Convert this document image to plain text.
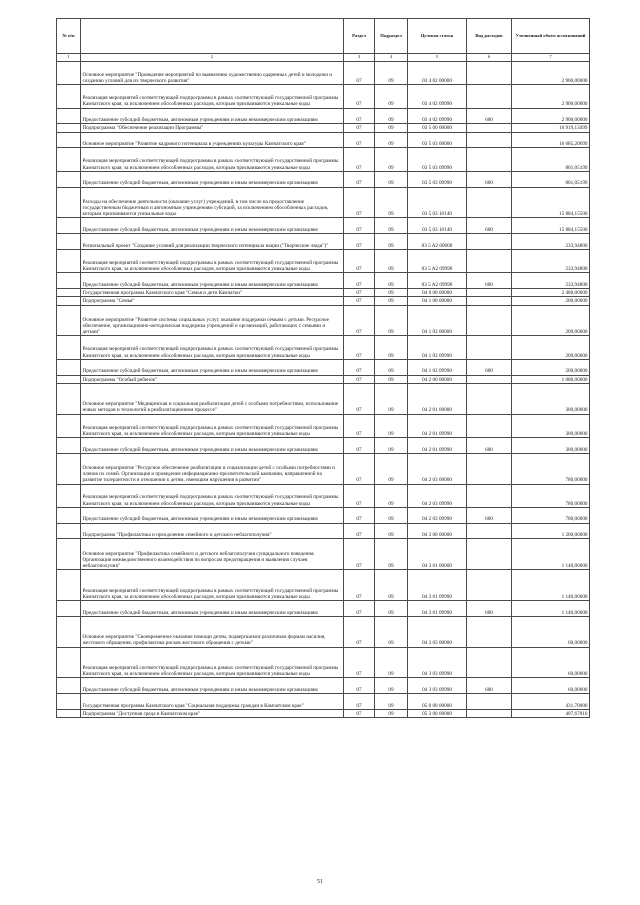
№ п/п		Раздел	Подраздел	Целевая статья	Вид расходов	Уточненный объем ассигнований
1	2	3	4	5	6	7
	Основное мероприятие "Проведение мероприятий по выявлению художественно одаренных детей и молодежи и созданию условий для их творческого развития"	07	09	03 4 02 00000		2 900,00000
	Реализация мероприятий соответствующей подпрограммы в рамках соответствующей государственной программы Камчатского края, за исключением обособленных расходов, которым присваиваются уникальные коды	07	09	03 4 02 09990		2 900,00000
	Предоставление субсидий бюджетным, автономным учреждениям и иным некоммерческим организациям	07	09	03 4 02 09990	600	2 900,00000
	Подпрограмма "Обеспечение реализации Программы"	07	09	03 5 00 00000		16 919,13499
	Основное мероприятие "Развитие кадрового потенциала в учреждениях культуры Камчатского края"	07	09	03 5 03 00000		16 685,20699
	Реализация мероприятий соответствующей подпрограммы в рамках соответствующей государственной программы Камчатского края, за исключением обособленных расходов, которым присваиваются уникальные коды	07	09	03 5 03 09990		801,05199
	Предоставление субсидий бюджетным, автономным учреждениям и иным некоммерческим организациям	07	09	03 5 03 09990	600	801,05199
	Расходы на обеспечение деятельности (оказание услуг) учреждений, в том числе на предоставление государственным бюджетным и автономным учреждениям субсидий, за исключением обособленных расходов, которым присваиваются уникальные коды	07	09	03 5 03 10140		15 884,15500
	Предоставление субсидий бюджетным, автономным учреждениям и иным некоммерческим организациям	07	09	03 5 03 10140	600	15 884,15500
	Региональный проект "Создание условий для реализации творческого потенциала нации ("Творческие люди")"	07	09	03 5 A2 00000		233,94800
	Реализация мероприятий соответствующей подпрограммы в рамках соответствующей государственной программы Камчатского края, за исключением обособленных расходов, которым присваиваются уникальные коды	07	09	03 5 A2 09990		233,94800
	Предоставление субсидий бюджетным, автономным учреждениям и иным некоммерческим организациям	07	09	03 5 A2 09990	600	233,94800
	Государственная программа Камчатского края "Семья и дети Камчатки"	07	09	04 0 00 00000		2 480,00000
	Подпрограмма "Семья"	07	09	04 1 00 00000		200,00000
	Основное мероприятие "Развитие системы социальных услуг, оказание поддержки семьям с детьми. Ресурсное обеспечение, организационно-методическая поддержка учреждений и организаций, работающих с семьями и детьми"	07	09	04 1 02 00000		200,00000
	Реализация мероприятий соответствующей подпрограммы в рамках соответствующей государственной программы Камчатского края, за исключением обособленных расходов, которым присваиваются уникальные коды	07	09	04 1 02 09990		200,00000
	Предоставление субсидий бюджетным, автономным учреждениям и иным некоммерческим организациям	07	09	04 1 02 09990	600	200,00000
	Подпрограмма "Особый ребенок"	07	09	04 2 00 00000		1 080,00000
	Основное мероприятие "Медицинская и социальная реабилитация детей с особыми потребностями, использование новых методов и технологий в реабилитационном процессе"	07	09	04 2 01 00000		300,00000
	Реализация мероприятий соответствующей подпрограммы в рамках соответствующей государственной программы Камчатского края, за исключением обособленных расходов, которым присваиваются уникальные коды	07	09	04 2 01 09990		300,00000
	Предоставление субсидий бюджетным, автономным учреждениям и иным некоммерческим организациям	07	09	04 2 01 09990	600	300,00000
	Основное мероприятие "Ресурсное обеспечение реабилитации и социализации детей с особыми потребностями и членов их семей. Организация и проведение информационно-просветительской кампании, направленной на развитие толерантности в отношении к детям, имеющим нарушения в развитии"	07	09	04 2 03 00000		780,00000
	Реализация мероприятий соответствующей подпрограммы в рамках соответствующей государственной программы Камчатского края, за исключением обособленных расходов, которым присваиваются уникальные коды	07	09	04 2 03 09990		780,00000
	Предоставление субсидий бюджетным, автономным учреждениям и иным некоммерческим организациям	07	09	04 2 03 09990	600	780,00000
	Подпрограмма "Профилактика и преодоление семейного и детского неблагополучия"	07	09	04 3 00 00000		1 200,00000
	Основное мероприятие "Профилактика семейного и детского неблагополучия суицидального поведения. Организация межведомственного взаимодействия по вопросам предотвращения и выявления случаев неблагополучия"	07	09	04 3 01 00000		1 140,00000
	Реализация мероприятий соответствующей подпрограммы в рамках соответствующей государственной программы Камчатского края, за исключением обособленных расходов, которым присваиваются уникальные коды	07	09	04 3 01 09990		1 140,00000
	Предоставление субсидий бюджетным, автономным учреждениям и иным некоммерческим организациям	07	09	04 3 01 09990	600	1 140,00000
	Основное мероприятие "Своевременное оказание помощи детям, подвергшимся различным формам насилия, жестокого обращения, профилактика рисков жестокого обращения с детьми"	07	09	04 3 03 00000		60,00000
	Реализация мероприятий соответствующей подпрограммы в рамках соответствующей государственной программы Камчатского края, за исключением обособленных расходов, которым присваиваются уникальные коды	07	09	04 3 03 09990		60,00000
	Предоставление субсидий бюджетным, автономным учреждениям и иным некоммерческим организациям	07	09	04 3 03 09990	600	60,00000
	Государственная программа Камчатского края "Социальная поддержка граждан в Камчатском крае"	07	09	05 0 00 00000		431,70000
	Подпрограмма "Доступная среда в Камчатском крае"	07	09	05 3 00 00000		407,67810
51
